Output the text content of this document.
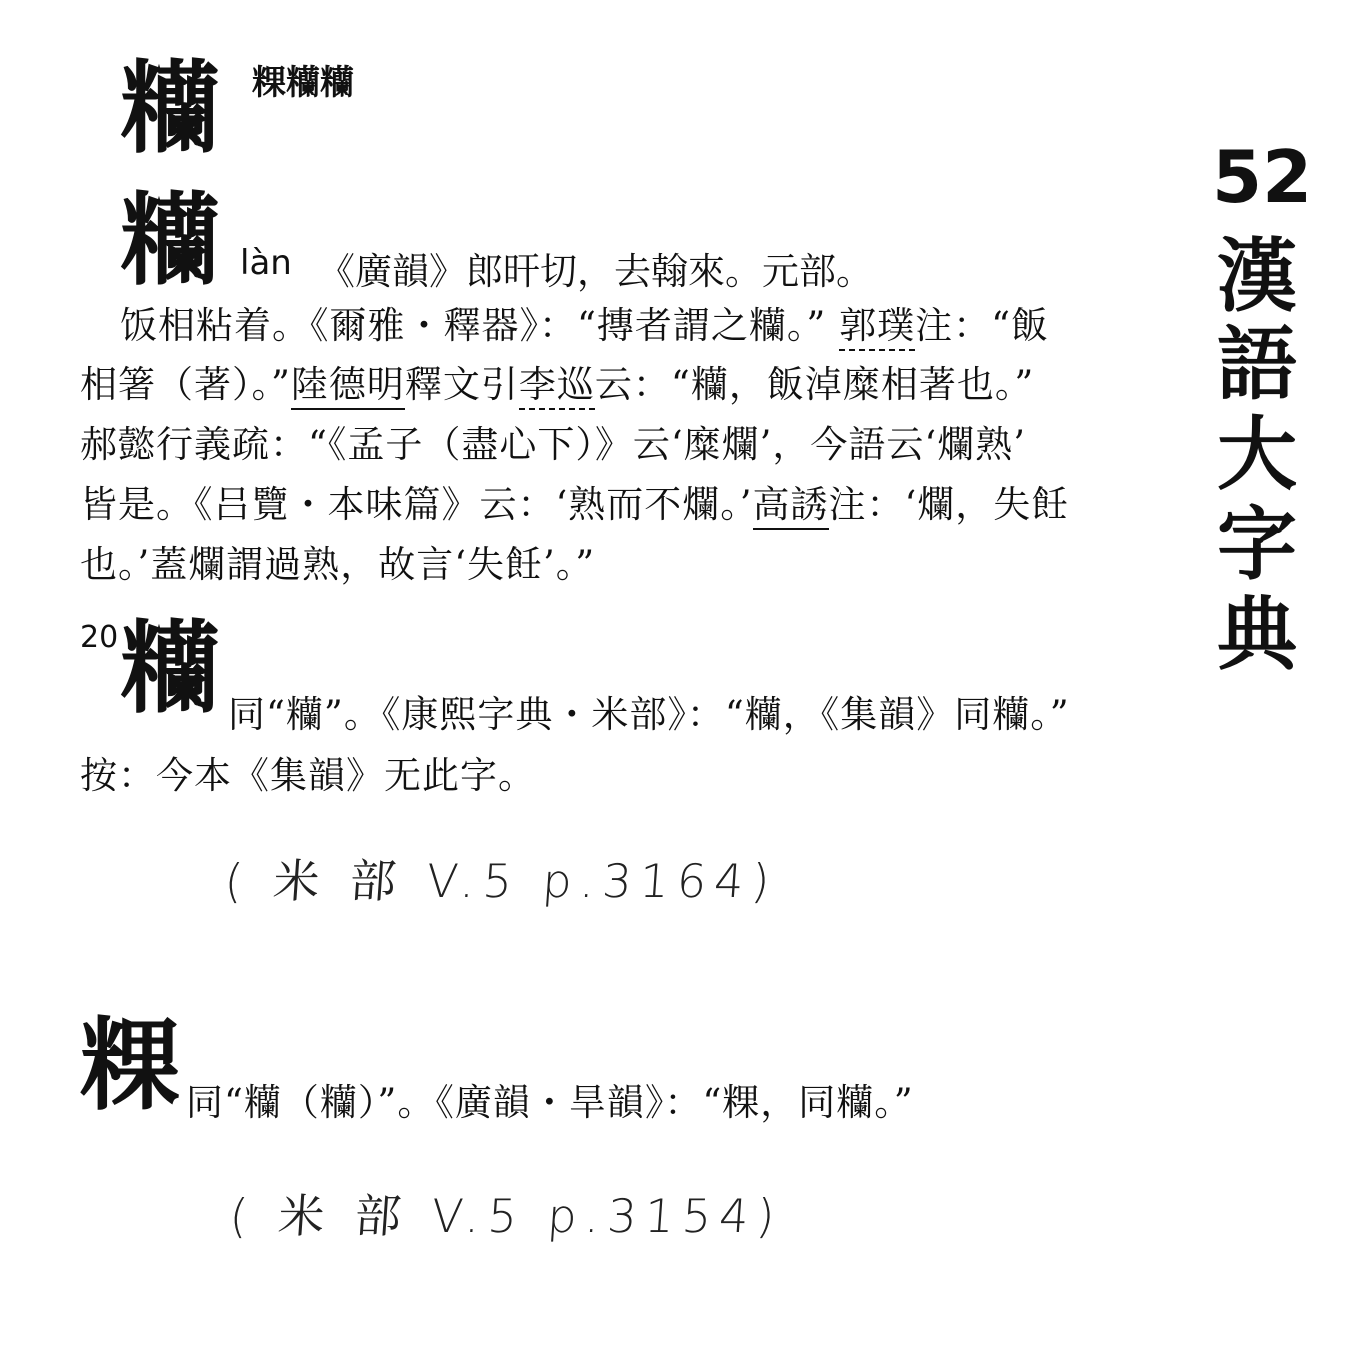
糷 粿糷糷
糷 làn 《廣韻》郎旰切，去翰來。元部。
饭相粘着。《爾雅・釋器》：“摶者謂之糷。” 郭璞注：“飯
相箸（著）。”陸德明釋文引李巡云：“糷，飯淖糜相著也。”
郝懿行義疏：“《孟子（盡心下）》云‘糜爛’，今語云‘爛熟’
皆是。《吕覽・本味篇》云：‘熟而不爛。’高誘注：‘爛，失飪
也。’蓋爛謂過熟，故言‘失飪’。”
20 糷 同“糷”。《康熙字典・米部》：“糷，《集韻》同糷。”
按：今本《集韻》无此字。
( 米 部 V.5 p.3164)
粿 同“糷（糷）”。《廣韻・旱韻》：“粿，同糷。”
( 米 部 V.5 p.3154)
52
漢
語
大
字
典
